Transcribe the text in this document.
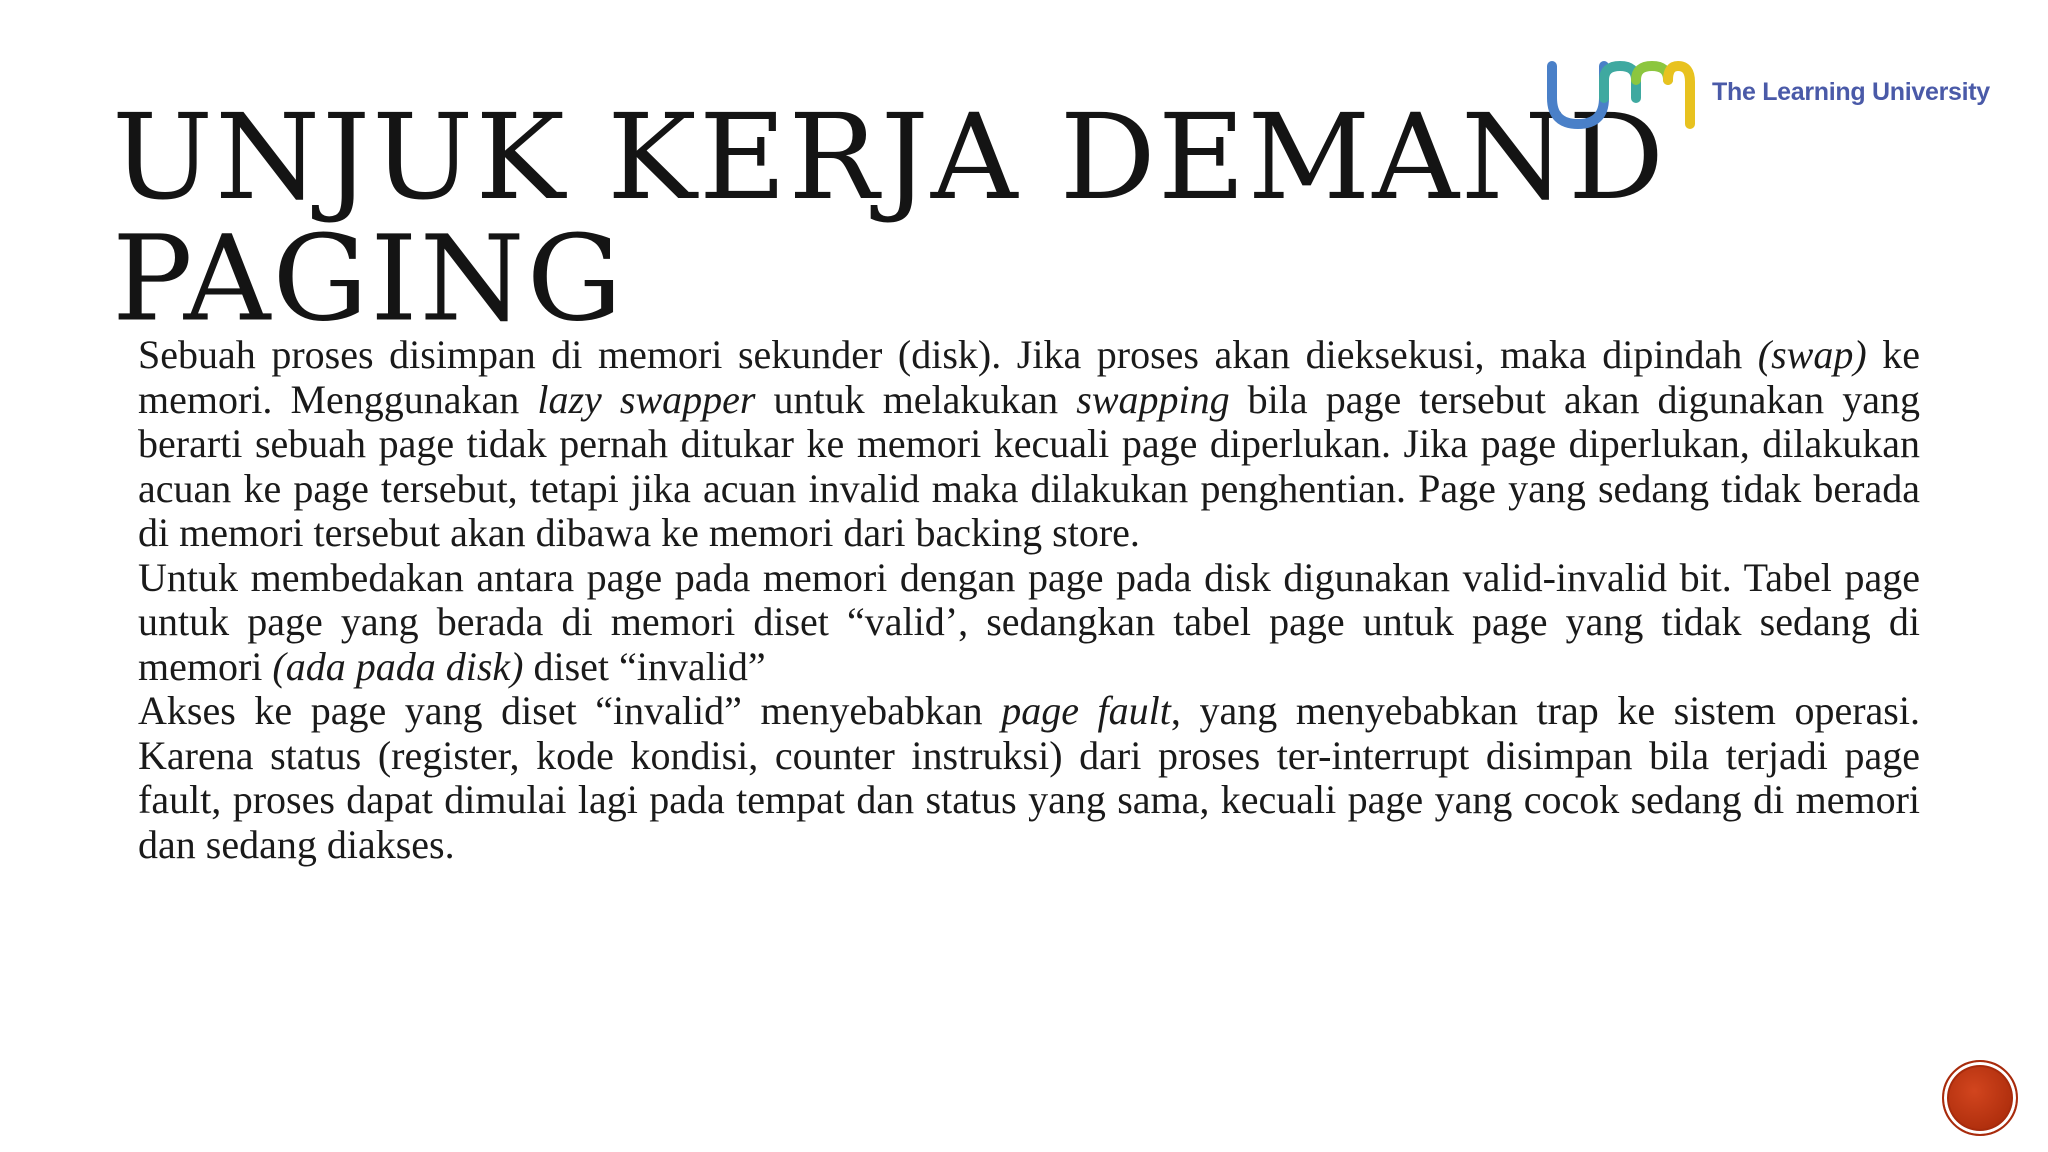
UNJUK KERJA DEMAND
PAGING
The Learning University

Sebuah proses disimpan di memori sekunder (disk). Jika proses akan dieksekusi, maka dipindah (swap) ke memori. Menggunakan lazy swapper untuk melakukan swapping bila page tersebut akan digunakan yang berarti sebuah page tidak pernah ditukar ke memori kecuali page diperlukan. Jika page diperlukan, dilakukan acuan ke page tersebut, tetapi jika acuan invalid maka dilakukan penghentian. Page yang sedang tidak berada di memori tersebut akan dibawa ke memori dari backing store.

Untuk membedakan antara page pada memori dengan page pada disk digunakan valid-invalid bit. Tabel page untuk page yang berada di memori diset “valid’, sedangkan tabel page untuk page yang tidak sedang di memori (ada pada disk) diset “invalid”

Akses ke page yang diset “invalid” menyebabkan page fault, yang menyebabkan trap ke sistem operasi. Karena status (register, kode kondisi, counter instruksi) dari proses ter-interrupt disimpan bila terjadi page fault, proses dapat dimulai lagi pada tempat dan status yang sama, kecuali page yang cocok sedang di memori dan sedang diakses.
